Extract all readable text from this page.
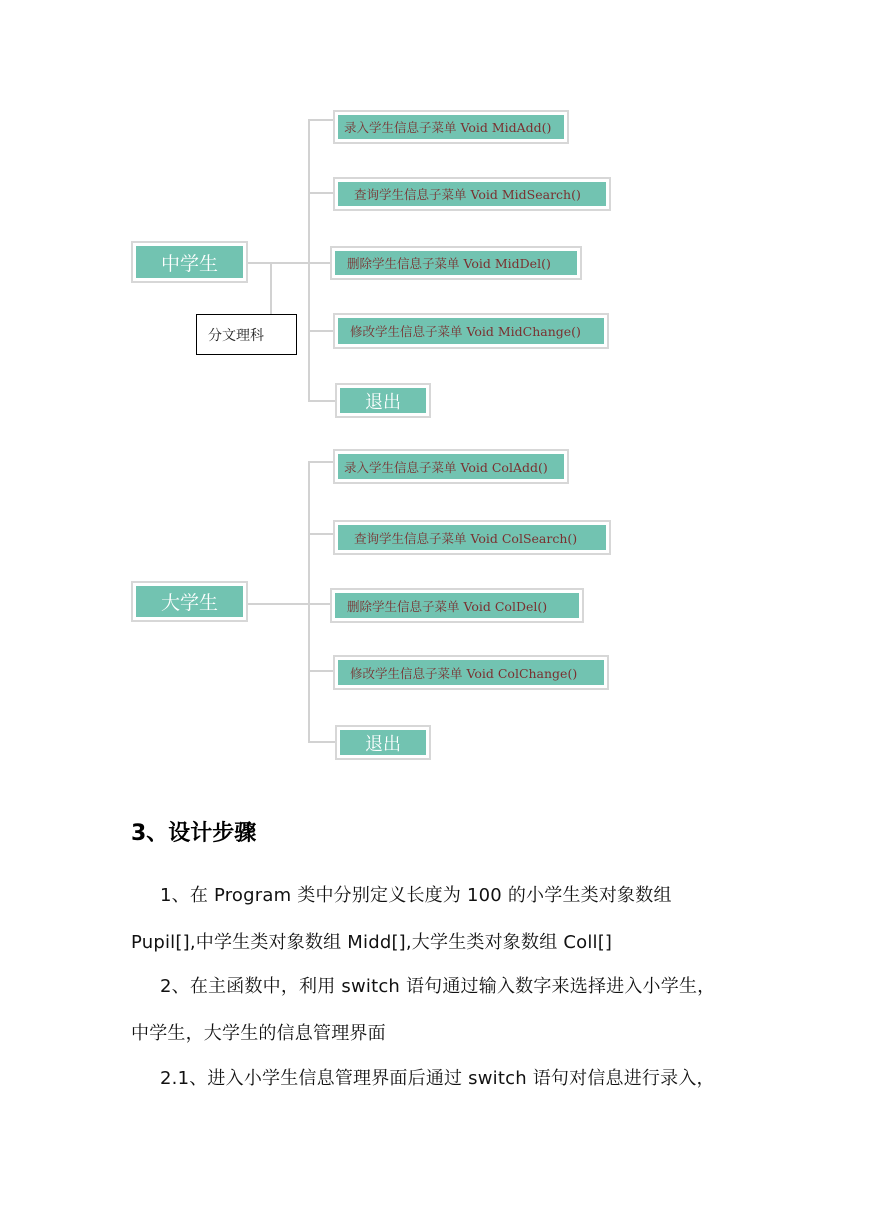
中学生
分文理科
录入学生信息子菜单 Void MidAdd()
查询学生信息子菜单 Void MidSearch()
删除学生信息子菜单 Void MidDel()
修改学生信息子菜单 Void MidChange()
退出
大学生
录入学生信息子菜单 Void ColAdd()
查询学生信息子菜单 Void ColSearch()
删除学生信息子菜单 Void ColDel()
修改学生信息子菜单 Void ColChange()
退出
3、设计步骤
1、在 Program 类中分别定义长度为 100 的小学生类对象数组
Pupil[],中学生类对象数组 Midd[],大学生类对象数组 Coll[]
2、在主函数中，利用 switch 语句通过输入数字来选择进入小学生，
中学生，大学生的信息管理界面
2.1、进入小学生信息管理界面后通过 switch 语句对信息进行录入，
